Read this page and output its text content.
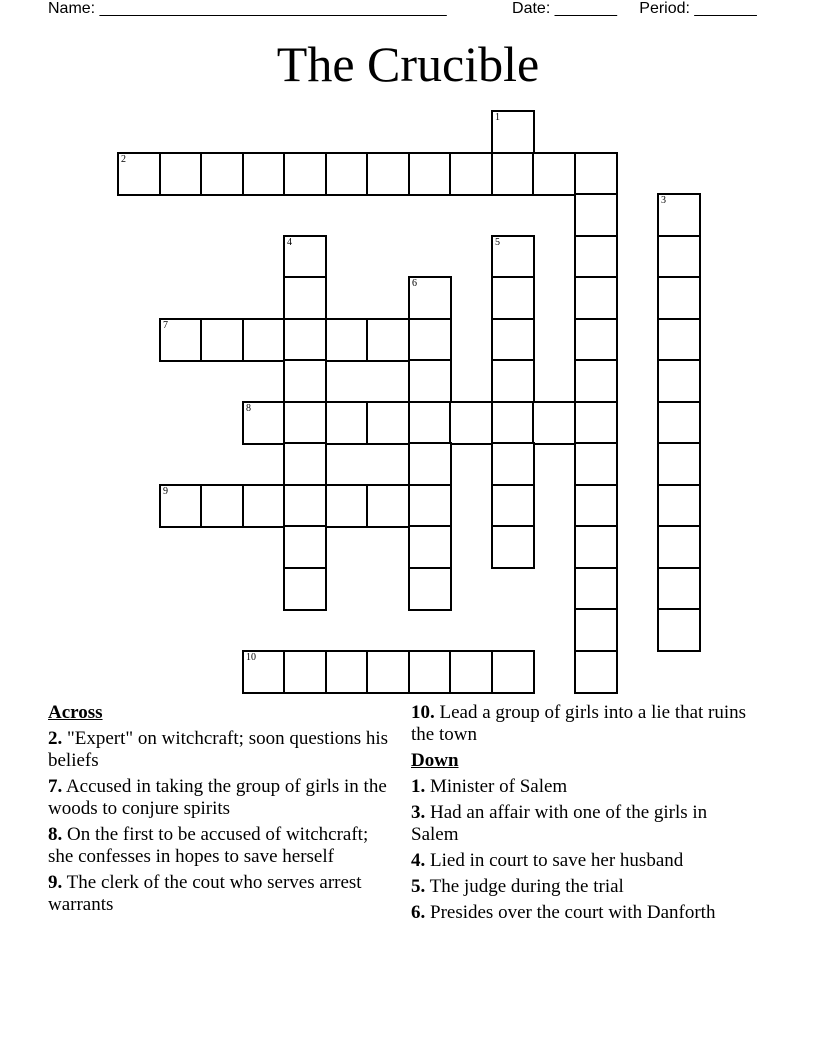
Name: _______________________________________	Date: _______ Period: _______
The Crucible
1
2
3
4	5
6
7
8
9
10
Across
2. "Expert" on witchcraft; soon questions his beliefs
7. Accused in taking the group of girls in the woods to conjure spirits
8. On the first to be accused of witchcraft; she confesses in hopes to save herself
9. The clerk of the cout who serves arrest warrants
10. Lead a group of girls into a lie that ruins the town
Down
1. Minister of Salem
3. Had an affair with one of the girls in Salem
4. Lied in court to save her husband
5. The judge during the trial
6. Presides over the court with Danforth
